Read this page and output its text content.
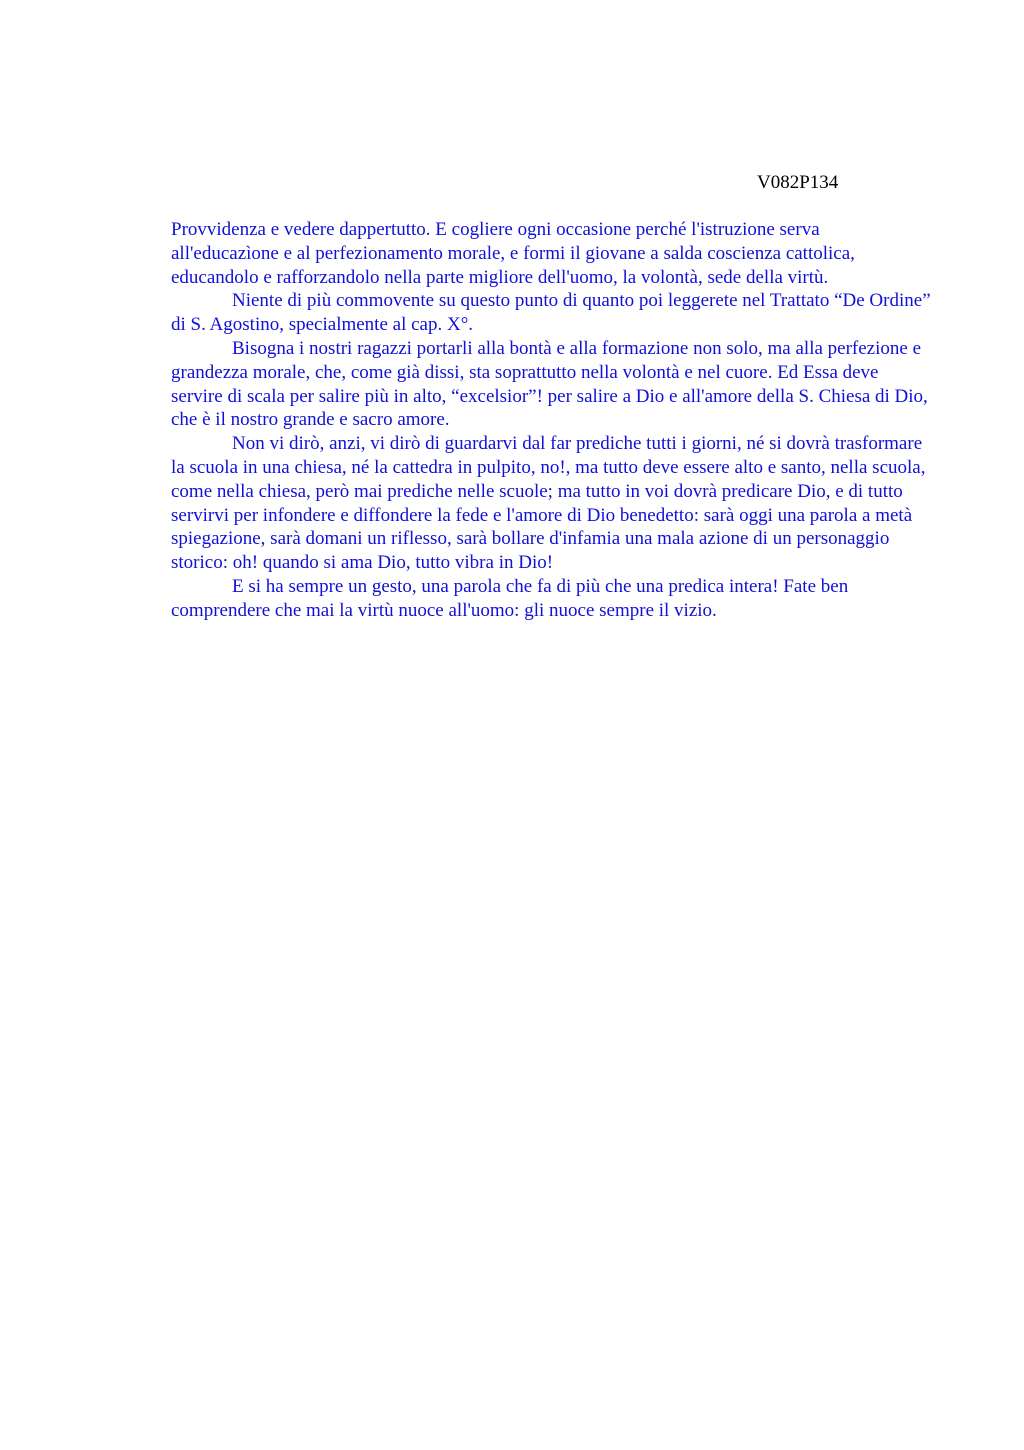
V082P134

Provvidenza e vedere dappertutto. E cogliere ogni occasione perché l'istruzione serva all'educazìone e al perfezionamento morale, e formi il giovane a salda coscienza cattolica, educandolo e rafforzandolo nella parte migliore dell'uomo, la volontà, sede della virtù.

Niente di più commovente su questo punto di quanto poi leggerete nel Trattato “De Ordine” di S. Agostino, specialmente al cap. X°.

Bisogna i nostri ragazzi portarli alla bontà e alla formazione non solo, ma alla perfezione e grandezza morale, che, come già dissi, sta soprattutto nella volontà e nel cuore. Ed Essa deve servire di scala per salire più in alto, “excelsior”! per salire a Dio e all'amore della S. Chiesa di Dio, che è il nostro grande e sacro amore.

Non vi dirò, anzi, vi dirò di guardarvi dal far prediche tutti i giorni, né si dovrà trasformare la scuola in una chiesa, né la cattedra in pulpito, no!, ma tutto deve essere alto e santo, nella scuola, come nella chiesa, però mai prediche nelle scuole; ma tutto in voi dovrà predicare Dio, e di tutto servirvi per infondere e diffondere la fede e l'amore di Dio benedetto: sarà oggi una parola a metà spiegazione, sarà domani un riflesso, sarà bollare d'infamia una mala azione di un personaggio storico: oh! quando si ama Dio, tutto vibra in Dio!

E si ha sempre un gesto, una parola che fa di più che una predica intera! Fate ben comprendere che mai la virtù nuoce all'uomo: gli nuoce sempre il vizio.
